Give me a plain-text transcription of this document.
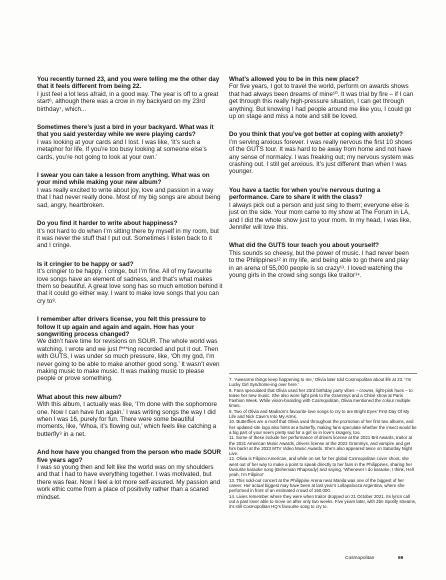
You recently turned 23, and you were telling me the other day that it feels different from being 22.

I just feel a lot less afraid, in a good way. The year is off to a great start⁶, although there was a crow in my backyard on my 23rd birthday⁷, which...

Sometimes there’s just a bird in your backyard. What was it that you said yesterday while we were playing cards?

I was looking at your cards and I lost. I was like, ‘It’s such a metaphor for life. If you’re too busy looking at someone else’s cards, you’re not going to look at your own.’

I swear you can take a lesson from anything. What was on your mind while making your new album?

I was really excited to write about joy, love and passion in a way that I had never really done. Most of my big songs are about being sad, angry, heartbroken.

Do you find it harder to write about happiness?

It’s not hard to do when I’m sitting there by myself in my room, but it was never the stuff that I put out. Sometimes I listen back to it and I cringe.

Is it cringier to be happy or sad?

It’s cringier to be happy. I cringe, but I’m fine. All of my favourite love songs have an element of sadness, and that’s what makes them so beautiful. A great love song has so much emotion behind it that it could go either way. I want to make love songs that you can cry to⁸.

I remember after drivers license, you felt this pressure to follow it up again and again and again. How has your songwriting process changed?

We didn’t have time for revisions on SOUR. The whole world was watching. I wrote and we just f***ing recorded and put it out. Then with GUTS, I was under so much pressure, like, ‘Oh my god, I’m never going to be able to make another good song.’ It wasn’t even making music to make music. It was making music to please people or prove something.

What about this new album?

With this album, I actually was like, ‘I’m done with the sophomore one. Now I can have fun again.’ I was writing songs the way I did when I was 16, purely for fun. There were some beautiful moments, like, ‘Whoa, it’s flowing out,’ which feels like catching a butterfly⁹ in a net.

And how have you changed from the person who made SOUR five years ago?

I was so young then and felt like the world was on my shoulders and that I had to have everything together. I was motivated, but there was fear. Now I feel a lot more self-assured. My passion and work ethic come from a place of positivity rather than a scared mindset.

What’s allowed you to be in this new place?

For five years, I got to travel the world, perform on awards shows that had always been dreams of mine¹⁰. It was trial by fire – if I can get through this really high-pressure situation, I can get through anything. But knowing I had people around me like you, I could go up on stage and miss a note and still be loved.

Do you think that you’ve got better at coping with anxiety?

I’m serving anxious forever. I was really nervous the first 10 shows of the GUTS tour. It was hard to be away from home and not have any sense of normalcy. I was freaking out; my nervous system was crashing out. I still get anxious. It’s just different than when I was younger.

You have a tactic for when you’re nervous during a performance. Care to share it with the class?

I always pick out a person and just sing to them; everyone else is just on the side. Your mom came to my show at The Forum in LA, and I did the whole show just to your mom. In my head, I was like, Jennifer will love this.

What did the GUTS tour teach you about yourself?

This sounds so cheesy, but the power of music. I had never been to the Philippines¹² in my life, and being able to go there and play in an arena of 55,000 people is so crazy¹³. I loved watching the young girls in the crowd sing songs like traitor¹⁴.

7. ‘Awesome things keep happening to me,’ Olivia later told Cosmopolitan about life at 23. ‘I’m Lucky Girl Syndrome-ing over here.’

8. Fans speculated that Olivia used her 23rd birthday party vibes – crowns, light-pink hues – to tease her new music. She also wore light pink to the Grammys and a Chloé show at Paris Fashion Week. While vision-boarding with Cosmopolitan, Olivia mentioned the colour multiple times.

9. Two of Olivia and Madison’s favourite love songs to cry to are Bright Eyes’ First Day Of My Life and Nick Cave’s Into My Arms.

10. Butterflies are a motif that Olivia used throughout the promotion of her first two albums, and her updated site logo also hints at a butterfly, making fans speculate whether the insect would be a big part of your seem pretty sad for a girl so in love’s imagery, too.

11. Some of these include her performance of drivers license at the 2021 Brit Awards, traitor at the 2021 American Music Awards, drivers license at the 2022 Grammys, and vampire and get him back! at the 2023 MTV Video Music Awards. She’s also appeared twice on Saturday Night Live.

12. Olivia is Filipino American, and while on set for her global Cosmopolitan cover shoot, she went out of her way to make a point to speak directly to her fans in the Philippines, sharing her favourite karaoke song (Bohemian Rhapsody) and saying, ‘Whenever I do karaoke, I think, Hell yeah, I’m Filipino!’

13. This sold-out concert at the Philippine Arena near Manila was one of the biggest of her career. Her actual biggest may have been at last year’s Lollapalooza Argentina, where she performed in front of an estimated crowd of 150,000.

14. Livies remember where they were when traitor dropped on 21 October 2021. Its lyrics call out a past lover able to move on after only two weeks. Five years later, with 2bn Spotify streams, it’s still Cosmopolitan HQ’s favourite song to cry to.

Cosmopolitan	69
